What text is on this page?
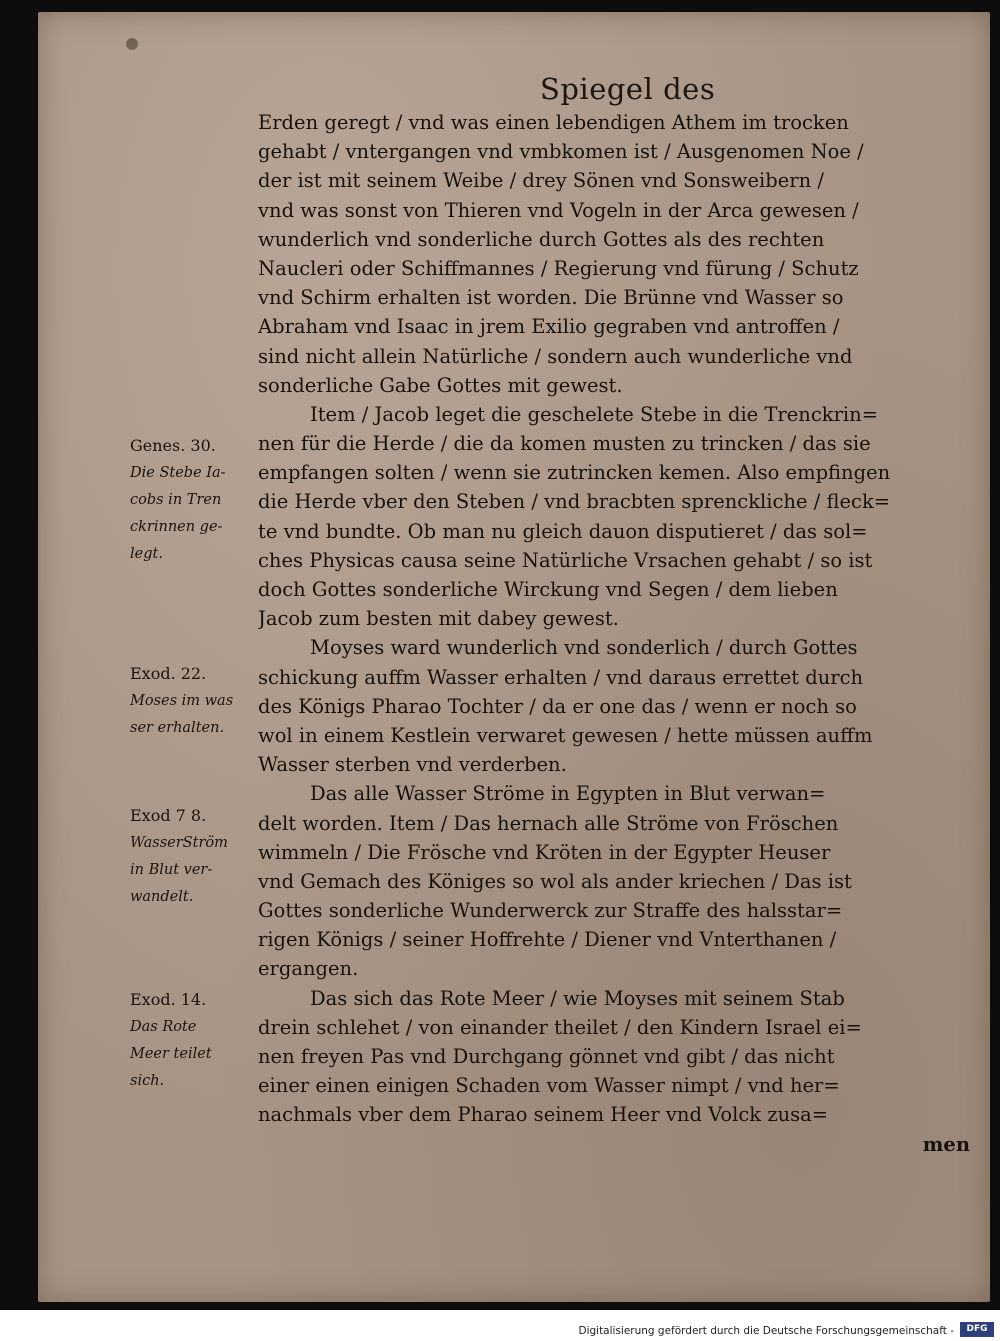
Spiegel des
Erden geregt / vnd was einen lebendigen Athem im trocken
gehabt / vntergangen vnd vmbkomen ist / Ausgenomen Noe /
der ist mit seinem Weibe / drey Sönen vnd Sonsweibern /
vnd was sonst von Thieren vnd Vogeln in der Arca gewesen /
wunderlich vnd sonderliche durch Gottes als des rechten
Naucleri oder Schiffmannes / Regierung vnd fürung / Schutz
vnd Schirm erhalten ist worden. Die Brünne vnd Wasser so
Abraham vnd Isaac in jrem Exilio gegraben vnd antroffen /
sind nicht allein Natürliche / sondern auch wunderliche vnd
sonderliche Gabe Gottes mit gewest.
Item / Jacob leget die geschelete Stebe in die Trenckrin=
nen für die Herde / die da komen musten zu trincken / das sie
empfangen solten / wenn sie zutrincken kemen. Also empfingen
die Herde vber den Steben / vnd bracbten sprenckliche / fleck=
te vnd bundte. Ob man nu gleich dauon disputieret / das sol=
ches Physicas causa seine Natürliche Vrsachen gehabt / so ist
doch Gottes sonderliche Wirckung vnd Segen / dem lieben
Jacob zum besten mit dabey gewest.
Moyses ward wunderlich vnd sonderlich / durch Gottes
schickung auffm Wasser erhalten / vnd daraus errettet durch
des Königs Pharao Tochter / da er one das / wenn er noch so
wol in einem Kestlein verwaret gewesen / hette müssen auffm
Wasser sterben vnd verderben.
Das alle Wasser Ströme in Egypten in Blut verwan=
delt worden. Item / Das hernach alle Ströme von Fröschen
wimmeln / Die Frösche vnd Kröten in der Egypter Heuser
vnd Gemach des Königes so wol als ander kriechen / Das ist
Gottes sonderliche Wunderwerck zur Straffe des halsstar=
rigen Königs / seiner Hoffrehte / Diener vnd Vnterthanen /
ergangen.
Das sich das Rote Meer / wie Moyses mit seinem Stab
drein schlehet / von einander theilet / den Kindern Israel ei=
nen freyen Pas vnd Durchgang gönnet vnd gibt / das nicht
einer einen einigen Schaden vom Wasser nimpt / vnd her=
nachmals vber dem Pharao seinem Heer vnd Volck zusa=
men
Genes. 30.
Die Stebe Ia-
cobs in Tren
ckrinnen ge-
legt.
Exod. 22.
Moses im was
ser erhalten.
Exod 7 8.
WasserStröm
in Blut ver-
wandelt.
Exod. 14.
Das Rote
Meer teilet
sich.
Digitalisierung gefördert durch die Deutsche Forschungsgemeinschaft -	DFG
